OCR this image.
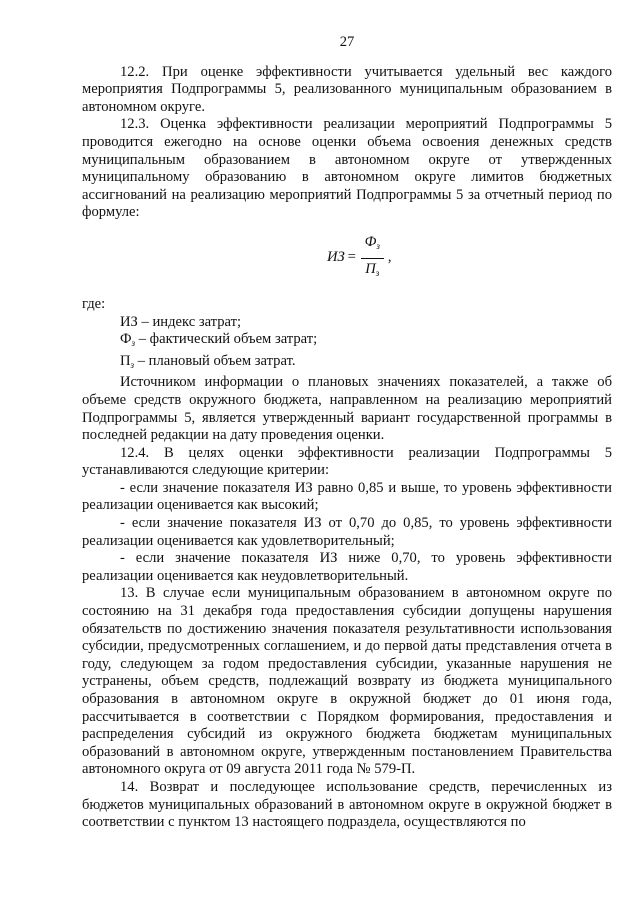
27

12.2. При оценке эффективности учитывается удельный вес каждого мероприятия Подпрограммы 5, реализованного муниципальным образованием в автономном округе.

12.3. Оценка эффективности реализации мероприятий Подпрограммы 5 проводится ежегодно на основе оценки объема освоения денежных средств муниципальным образованием в автономном округе от утвержденных муниципальному образованию в автономном округе лимитов бюджетных ассигнований на реализацию мероприятий Подпрограммы 5 за отчетный период по формуле:

ИЗ = $\frac{Ф_з}{П_з}$ ,

где:

ИЗ – индекс затрат;

$Ф_з$ – фактический объем затрат;

$П_з$ – плановый объем затрат.

Источником информации о плановых значениях показателей, а также об объеме средств окружного бюджета, направленном на реализацию мероприятий Подпрограммы 5, является утвержденный вариант государственной программы в последней редакции на дату проведения оценки.

12.4. В целях оценки эффективности реализации Подпрограммы 5 устанавливаются следующие критерии:

- если значение показателя ИЗ равно 0,85 и выше, то уровень эффективности реализации оценивается как высокий;

- если значение показателя ИЗ от 0,70 до 0,85, то уровень эффективности реализации оценивается как удовлетворительный;

- если значение показателя ИЗ ниже 0,70, то уровень эффективности реализации оценивается как неудовлетворительный.

13. В случае если муниципальным образованием в автономном округе по состоянию на 31 декабря года предоставления субсидии допущены нарушения обязательств по достижению значения показателя результативности использования субсидии, предусмотренных соглашением, и до первой даты представления отчета в году, следующем за годом предоставления субсидии, указанные нарушения не устранены, объем средств, подлежащий возврату из бюджета муниципального образования в автономном округе в окружной бюджет до 01 июня года, рассчитывается в соответствии с Порядком формирования, предоставления и распределения субсидий из окружного бюджета бюджетам муниципальных образований в автономном округе, утвержденным постановлением Правительства автономного округа от 09 августа 2011 года № 579-П.

14. Возврат и последующее использование средств, перечисленных из бюджетов муниципальных образований в автономном округе в окружной бюджет в соответствии с пунктом 13 настоящего подраздела, осуществляются по
